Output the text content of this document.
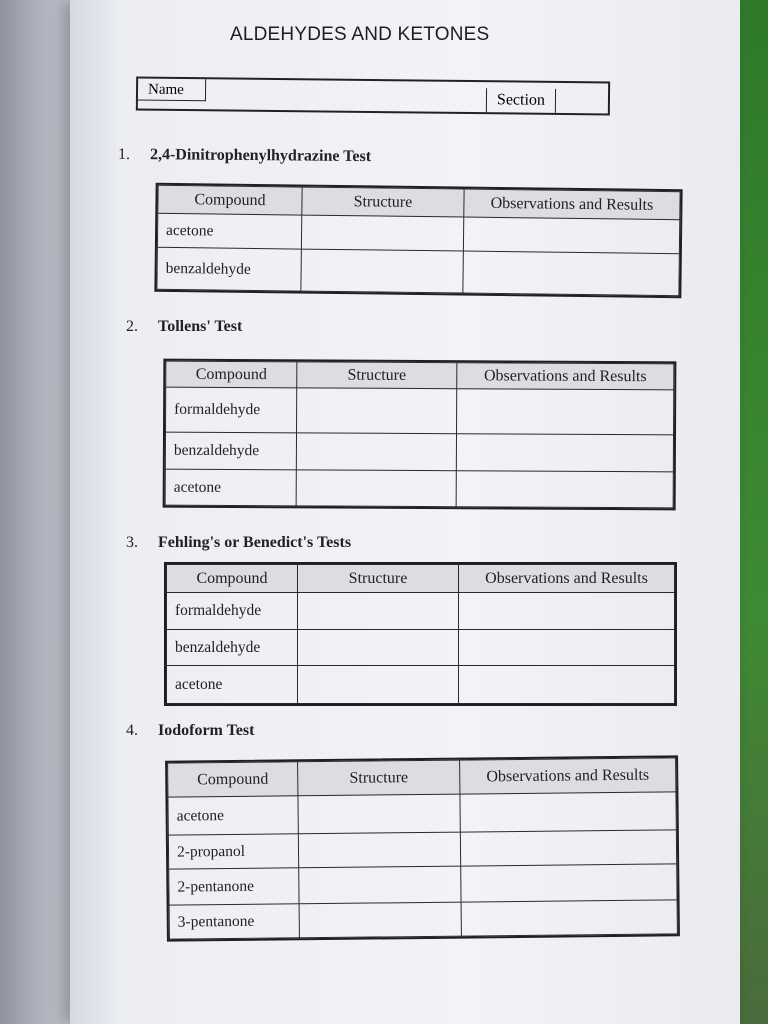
ALDEHYDES AND KETONES
Name
Section
1. 2,4-Dinitrophenylhydrazine Test
Compound	Structure	Observations and Results
acetone		
benzaldehyde		
2. Tollens' Test
Compound	Structure	Observations and Results
formaldehyde		
benzaldehyde		
acetone		
3. Fehling's or Benedict's Tests
Compound	Structure	Observations and Results
formaldehyde		
benzaldehyde		
acetone		
4. Iodoform Test
Compound	Structure	Observations and Results
acetone		
2-propanol		
2-pentanone		
3-pentanone		
